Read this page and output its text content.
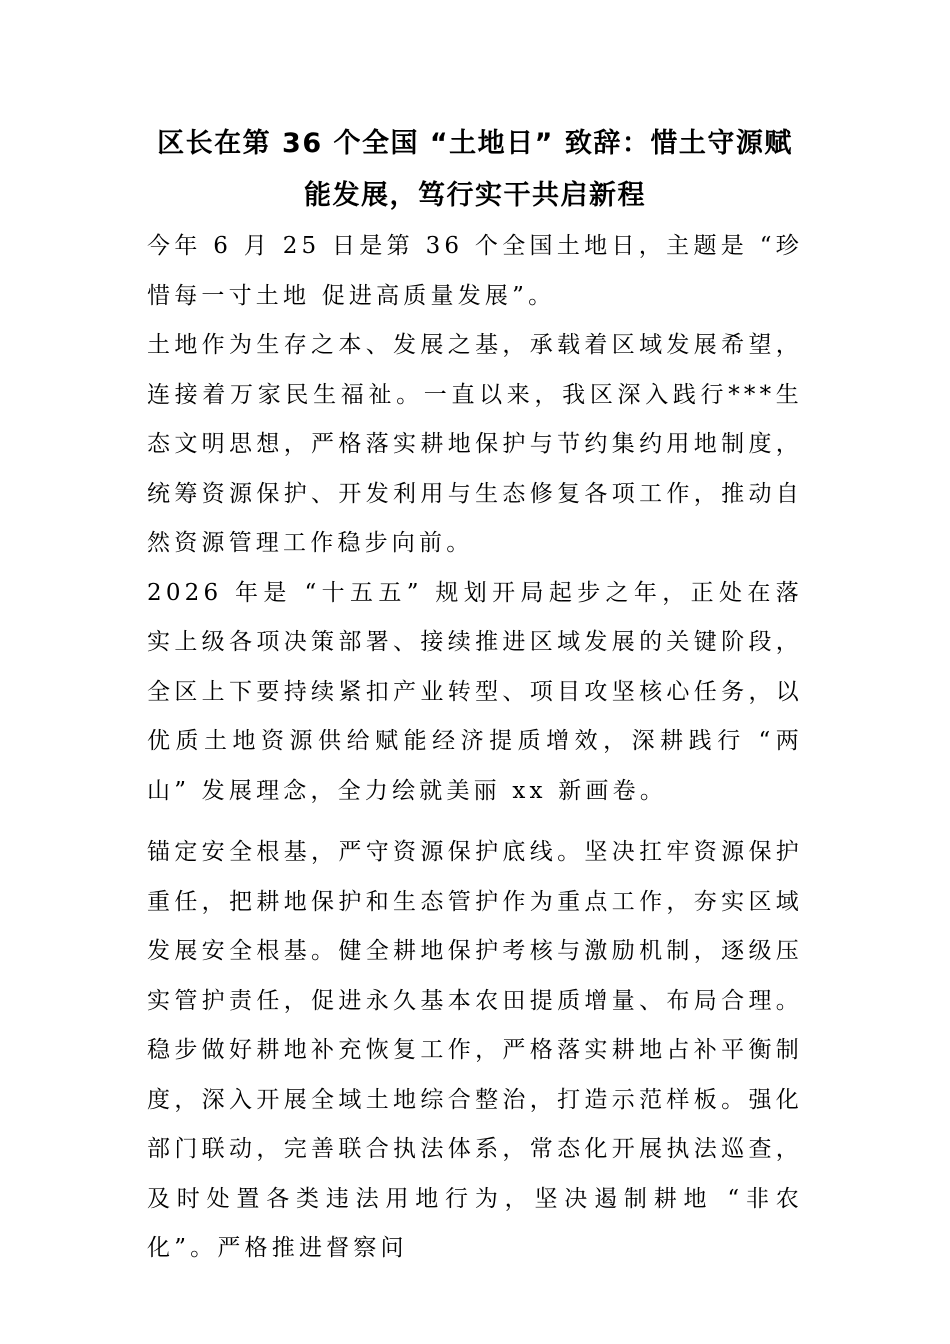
区长在第 36 个全国 “土地日” 致辞：惜土守源赋能发展，笃行实干共启新程

今年 6 月 25 日是第 36 个全国土地日，主题是 “珍惜每一寸土地 促进高质量发展”。

土地作为生存之本、发展之基，承载着区域发展希望，连接着万家民生福祉。一直以来，我区深入践行***生态文明思想，严格落实耕地保护与节约集约用地制度，统筹资源保护、开发利用与生态修复各项工作，推动自然资源管理工作稳步向前。

2026 年是 “十五五” 规划开局起步之年，正处在落实上级各项决策部署、接续推进区域发展的关键阶段，全区上下要持续紧扣产业转型、项目攻坚核心任务，以优质土地资源供给赋能经济提质增效，深耕践行 “两山” 发展理念，全力绘就美丽 xx 新画卷。

锚定安全根基，严守资源保护底线。坚决扛牢资源保护重任，把耕地保护和生态管护作为重点工作，夯实区域发展安全根基。健全耕地保护考核与激励机制，逐级压实管护责任，促进永久基本农田提质增量、布局合理。稳步做好耕地补充恢复工作，严格落实耕地占补平衡制度，深入开展全域土地综合整治，打造示范样板。强化部门联动，完善联合执法体系，常态化开展执法巡查，及时处置各类违法用地行为，坚决遏制耕地 “非农化”。严格推进督察问
